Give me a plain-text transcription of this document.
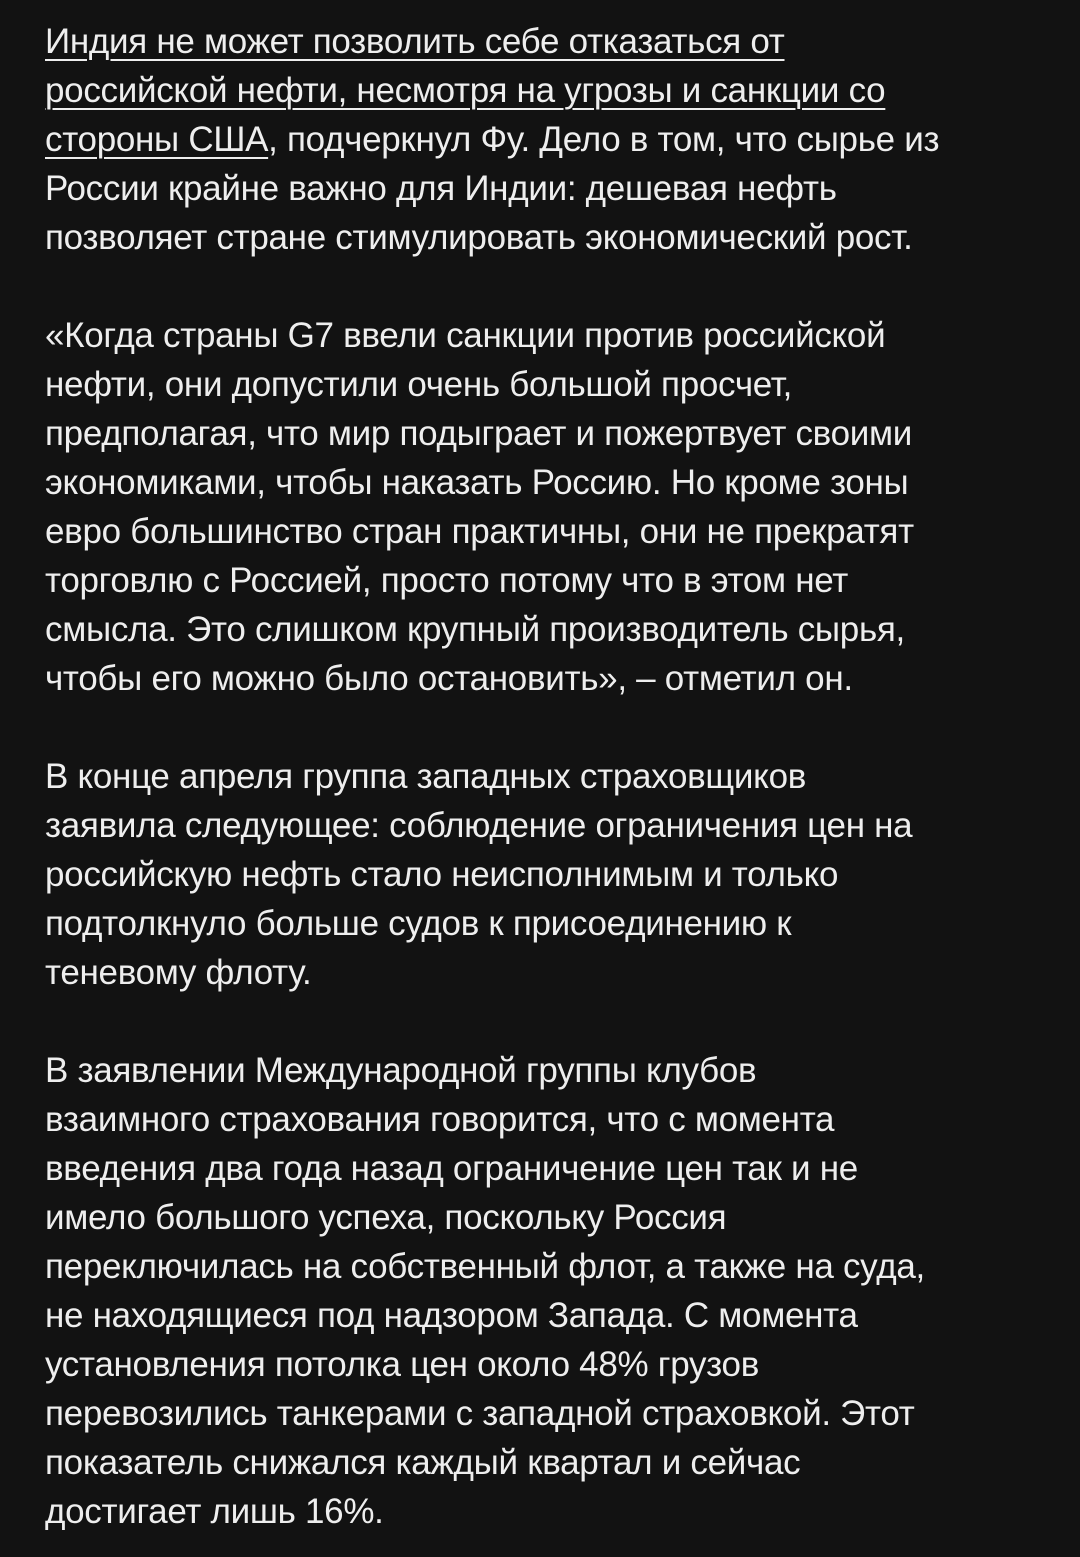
Индия не может позволить себе отказаться от
российской нефти, несмотря на угрозы и санкции со
стороны США, подчеркнул Фу. Дело в том, что сырье из
России крайне важно для Индии: дешевая нефть
позволяет стране стимулировать экономический рост.

«Когда страны G7 ввели санкции против российской
нефти, они допустили очень большой просчет,
предполагая, что мир подыграет и пожертвует своими
экономиками, чтобы наказать Россию. Но кроме зоны
евро большинство стран практичны, они не прекратят
торговлю с Россией, просто потому что в этом нет
смысла. Это слишком крупный производитель сырья,
чтобы его можно было остановить», – отметил он.

В конце апреля группа западных страховщиков
заявила следующее: соблюдение ограничения цен на
российскую нефть стало неисполнимым и только
подтолкнуло больше судов к присоединению к
теневому флоту.

В заявлении Международной группы клубов
взаимного страхования говорится, что с момента
введения два года назад ограничение цен так и не
имело большого успеха, поскольку Россия
переключилась на собственный флот, а также на суда,
не находящиеся под надзором Запада. С момента
установления потолка цен около 48% грузов
перевозились танкерами с западной страховкой. Этот
показатель снижался каждый квартал и сейчас
достигает лишь 16%.
